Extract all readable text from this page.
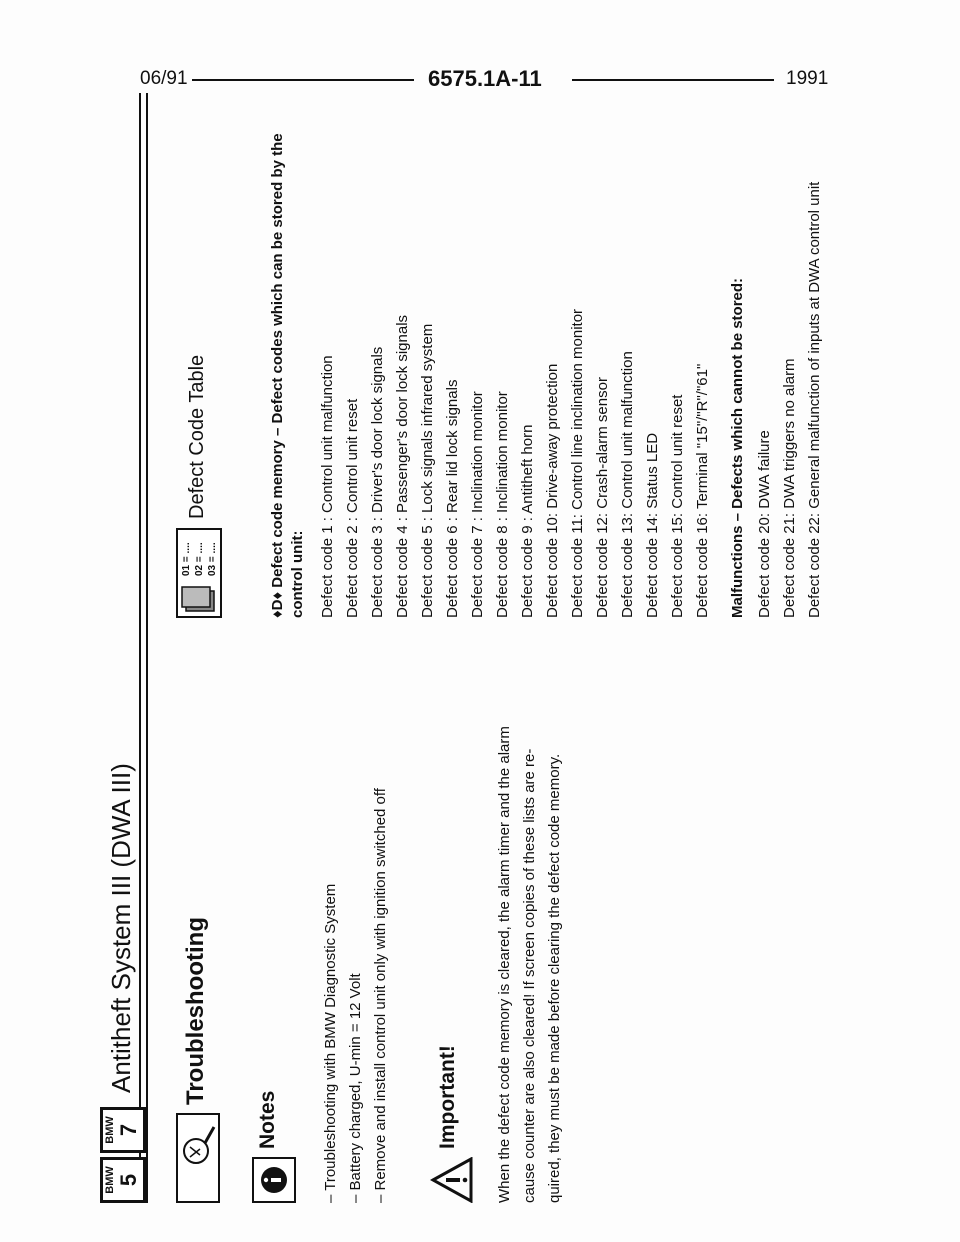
06/91	6575.1A-11	1991
BMW 5
BMW 7
Antitheft System III (DWA III) Troubleshooting
Notes	– Troubleshooting with BMW Diagnostic System – Battery charged, U-min = 12 Volt – Remove and install control unit only with ignition switched off Important! When the defect code memory is cleared, the alarm timer and the alarm cause counter are also cleared! If screen copies of these lists are re- quired, they must be made before clearing the defect code memory.
01 = .... 02 = .... 03 = ....
Defect Code Table	♦D♦ Defect code memory – Defect codes which can be stored by the control unit: Defect code 1 : Control unit malfunction Defect code 2 : Control unit reset Defect code 3 : Driver's door lock signals Defect code 4 : Passenger's door lock signals Defect code 5 : Lock signals infrared system Defect code 6 : Rear lid lock signals Defect code 7 : Inclination monitor Defect code 8 : Inclination monitor Defect code 9 : Antitheft horn Defect code 10: Drive-away protection Defect code 11: Control line inclination monitor Defect code 12: Crash-alarm sensor Defect code 13: Control unit malfunction Defect code 14: Status LED Defect code 15: Control unit reset Defect code 16: Terminal "15"/"R"/"61" Malfunctions – Defects which cannot be stored: Defect code 20: DWA failure Defect code 21: DWA triggers no alarm Defect code 22: General malfunction of inputs at DWA control unit
